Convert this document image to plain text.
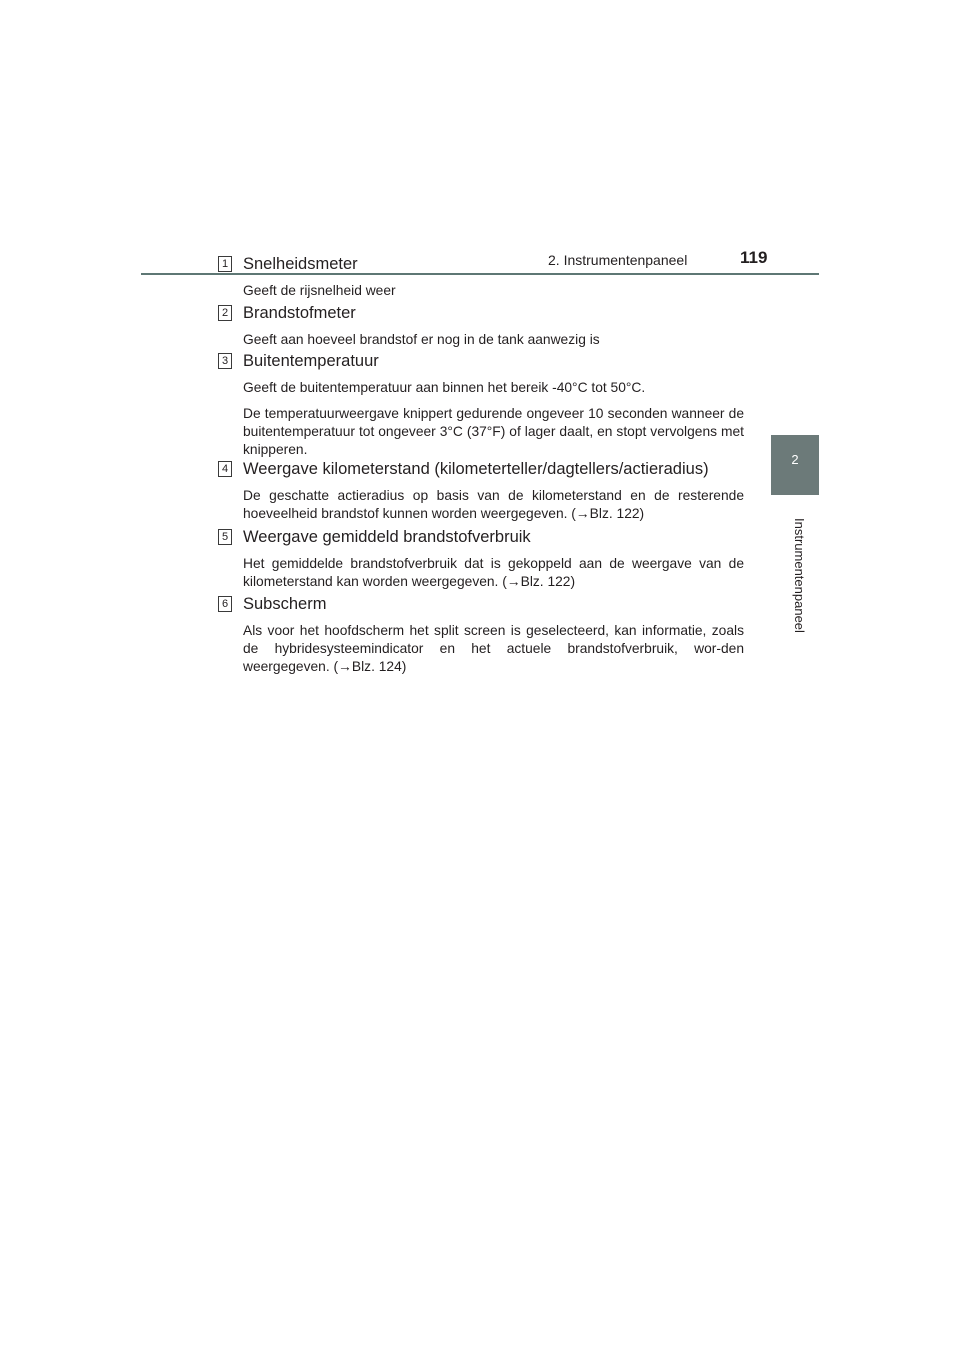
2. Instrumentenpaneel	119
2
Instrumentenpaneel
1 Snelheidsmeter
Geeft de rijsnelheid weer
2 Brandstofmeter
Geeft aan hoeveel brandstof er nog in de tank aanwezig is
3 Buitentemperatuur
Geeft de buitentemperatuur aan binnen het bereik -40°C tot 50°C.
De temperatuurweergave knippert gedurende ongeveer 10 seconden wanneer de buitentemperatuur tot ongeveer 3°C (37°F) of lager daalt, en stopt vervolgens met knipperen.
4 Weergave kilometerstand (kilometerteller/dagtellers/actieradius)
De geschatte actieradius op basis van de kilometerstand en de resterende hoeveelheid brandstof kunnen worden weergegeven. (→Blz. 122)
5 Weergave gemiddeld brandstofverbruik
Het gemiddelde brandstofverbruik dat is gekoppeld aan de weergave van de kilometerstand kan worden weergegeven. (→Blz. 122)
6 Subscherm
Als voor het hoofdscherm het split screen is geselecteerd, kan informatie, zoals de hybridesysteemindicator en het actuele brandstofverbruik, wor-den weergegeven. (→Blz. 124)
